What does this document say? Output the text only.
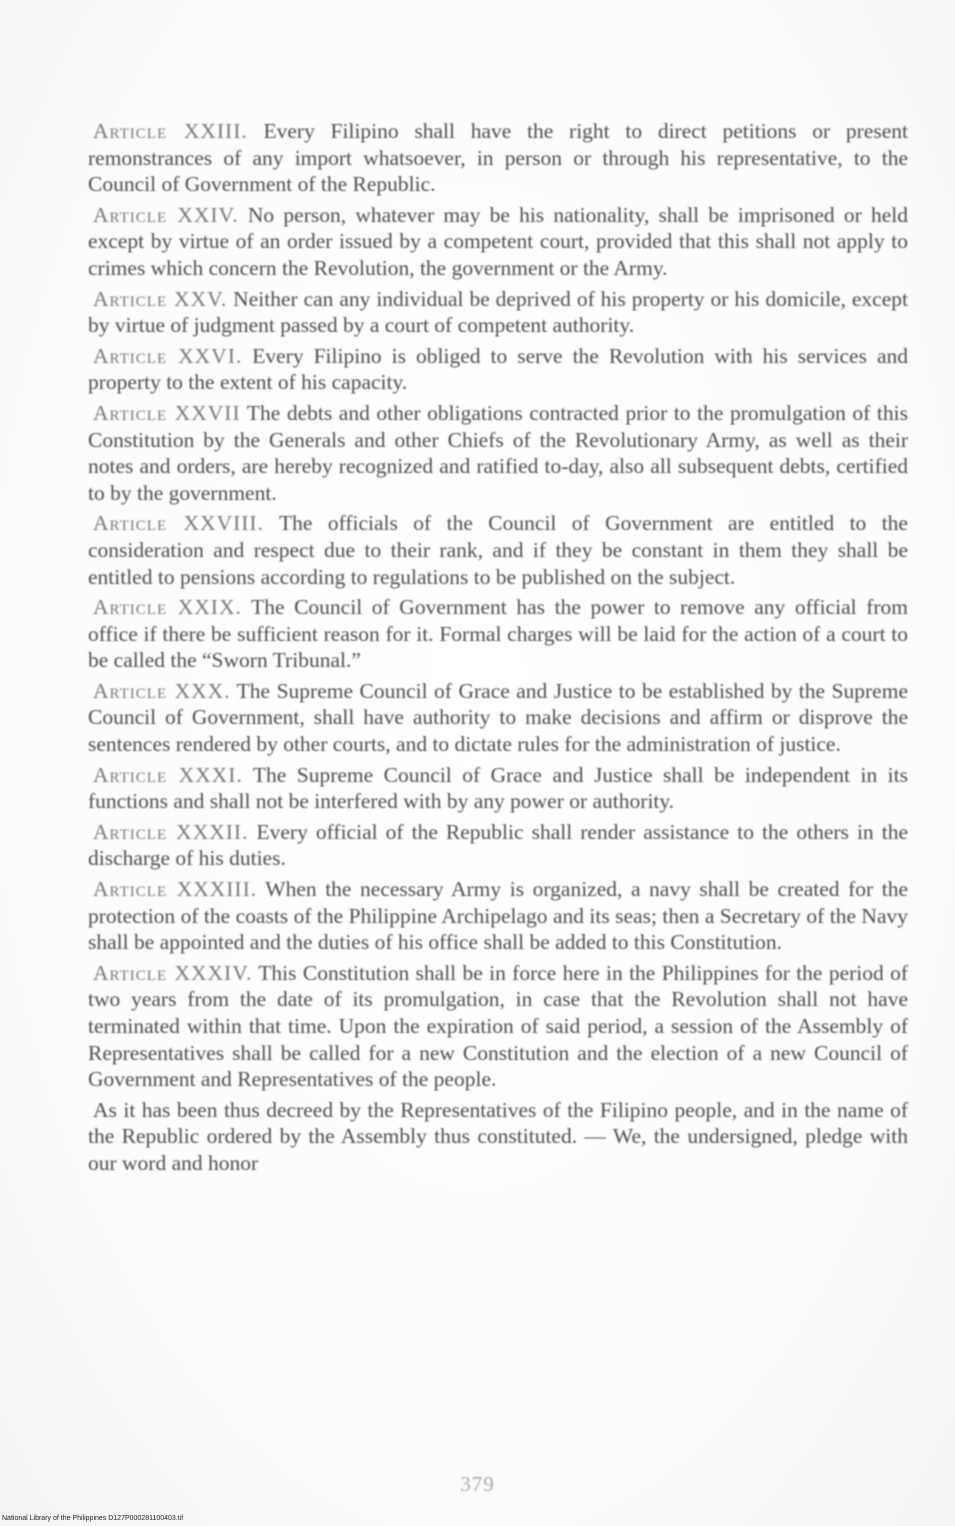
Article XXIII. Every Filipino shall have the right to direct petitions or present remonstrances of any import whatsoever, in person or through his representative, to the Council of Government of the Republic.

Article XXIV. No person, whatever may be his nationality, shall be imprisoned or held except by virtue of an order issued by a competent court, provided that this shall not apply to crimes which concern the Revolution, the government or the Army.

Article XXV. Neither can any individual be deprived of his property or his domicile, except by virtue of judgment passed by a court of competent authority.

Article XXVI. Every Filipino is obliged to serve the Revolution with his services and property to the extent of his capacity.

Article XXVII The debts and other obligations contracted prior to the promulgation of this Constitution by the Generals and other Chiefs of the Revolutionary Army, as well as their notes and orders, are hereby recognized and ratified to-day, also all subsequent debts, certified to by the government.

Article XXVIII. The officials of the Council of Government are entitled to the consideration and respect due to their rank, and if they be constant in them they shall be entitled to pensions according to regulations to be published on the subject.

Article XXIX. The Council of Government has the power to remove any official from office if there be sufficient reason for it. Formal charges will be laid for the action of a court to be called the “Sworn Tribunal.”

Article XXX. The Supreme Council of Grace and Justice to be established by the Supreme Council of Government, shall have authority to make decisions and affirm or disprove the sentences rendered by other courts, and to dictate rules for the administration of justice.

Article XXXI. The Supreme Council of Grace and Justice shall be independent in its functions and shall not be interfered with by any power or authority.

Article XXXII. Every official of the Republic shall render assistance to the others in the discharge of his duties.

Article XXXIII. When the necessary Army is organized, a navy shall be created for the protection of the coasts of the Philippine Archipelago and its seas; then a Secretary of the Navy shall be appointed and the duties of his office shall be added to this Constitution.

Article XXXIV. This Constitution shall be in force here in the Philippines for the period of two years from the date of its promulgation, in case that the Revolution shall not have terminated within that time. Upon the expiration of said period, a session of the Assembly of Representatives shall be called for a new Constitution and the election of a new Council of Government and Representatives of the people.

As it has been thus decreed by the Representatives of the Filipino people, and in the name of the Republic ordered by the Assembly thus constituted. — We, the undersigned, pledge with our word and honor

379
National Library of the Philippines D127P000281100403.tif
